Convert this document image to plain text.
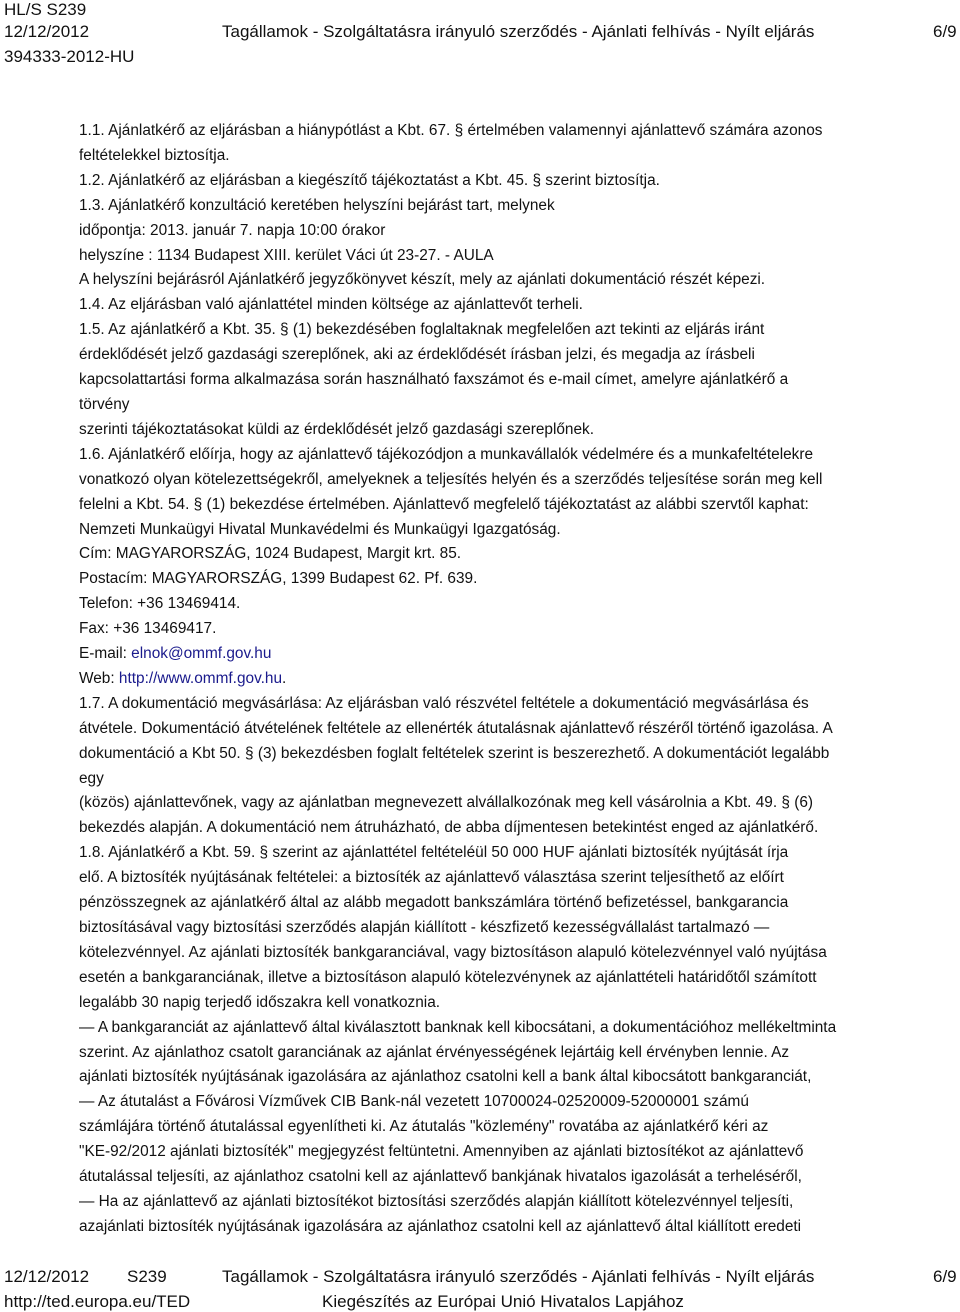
HL/S S239
12/12/2012	Tagállamok - Szolgáltatásra irányuló szerződés - Ajánlati felhívás - Nyílt eljárás	6/9
394333-2012-HU
1.1. Ajánlatkérő az eljárásban a hiánypótlást a Kbt. 67. § értelmében valamennyi ajánlattevő számára azonos
feltételekkel biztosítja.
1.2. Ajánlatkérő az eljárásban a kiegészítő tájékoztatást a Kbt. 45. § szerint biztosítja.
1.3. Ajánlatkérő konzultáció keretében helyszíni bejárást tart, melynek
időpontja: 2013. január 7. napja 10:00 órakor
helyszíne : 1134 Budapest XIII. kerület Váci út 23-27. - AULA
A helyszíni bejárásról Ajánlatkérő jegyzőkönyvet készít, mely az ajánlati dokumentáció részét képezi.
1.4. Az eljárásban való ajánlattétel minden költsége az ajánlattevőt terheli.
1.5. Az ajánlatkérő a Kbt. 35. § (1) bekezdésében foglaltaknak megfelelően azt tekinti az eljárás iránt
érdeklődését jelző gazdasági szereplőnek, aki az érdeklődését írásban jelzi, és megadja az írásbeli
kapcsolattartási forma alkalmazása során használható faxszámot és e-mail címet, amelyre ajánlatkérő a
törvény
szerinti tájékoztatásokat küldi az érdeklődését jelző gazdasági szereplőnek.
1.6. Ajánlatkérő előírja, hogy az ajánlattevő tájékozódjon a munkavállalók védelmére és a munkafeltételekre
vonatkozó olyan kötelezettségekről, amelyeknek a teljesítés helyén és a szerződés teljesítése során meg kell
felelni a Kbt. 54. § (1) bekezdése értelmében. Ajánlattevő megfelelő tájékoztatást az alábbi szervtől kaphat:
Nemzeti Munkaügyi Hivatal Munkavédelmi és Munkaügyi Igazgatóság.
Cím: MAGYARORSZÁG, 1024 Budapest, Margit krt. 85.
Postacím: MAGYARORSZÁG, 1399 Budapest 62. Pf. 639.
Telefon: +36 13469414.
Fax: +36 13469417.
E-mail: elnok@ommf.gov.hu
Web: http://www.ommf.gov.hu.
1.7. A dokumentáció megvásárlása: Az eljárásban való részvétel feltétele a dokumentáció megvásárlása és
átvétele. Dokumentáció átvételének feltétele az ellenérték átutalásnak ajánlattevő részéről történő igazolása. A
dokumentáció a Kbt 50. § (3) bekezdésben foglalt feltételek szerint is beszerezhető. A dokumentációt legalább
egy
(közös) ajánlattevőnek, vagy az ajánlatban megnevezett alvállalkozónak meg kell vásárolnia a Kbt. 49. § (6)
bekezdés alapján. A dokumentáció nem átruházható, de abba díjmentesen betekintést enged az ajánlatkérő.
1.8. Ajánlatkérő a Kbt. 59. § szerint az ajánlattétel feltételéül 50 000 HUF ajánlati biztosíték nyújtását írja
elő. A biztosíték nyújtásának feltételei: a biztosíték az ajánlattevő választása szerint teljesíthető az előírt
pénzösszegnek az ajánlatkérő által az alább megadott bankszámlára történő befizetéssel, bankgarancia
biztosításával vagy biztosítási szerződés alapján kiállított - készfizető kezességvállalást tartalmazó —
kötelezvénnyel. Az ajánlati biztosíték bankgaranciával, vagy biztosításon alapuló kötelezvénnyel való nyújtása
esetén a bankgaranciának, illetve a biztosításon alapuló kötelezvénynek az ajánlattételi határidőtől számított
legalább 30 napig terjedő időszakra kell vonatkoznia.
— A bankgaranciát az ajánlattevő által kiválasztott banknak kell kibocsátani, a dokumentációhoz mellékeltminta
szerint. Az ajánlathoz csatolt garanciának az ajánlat érvényességének lejártáig kell érvényben lennie. Az
ajánlati biztosíték nyújtásának igazolására az ajánlathoz csatolni kell a bank által kibocsátott bankgaranciát,
— Az átutalást a Fővárosi Vízművek CIB Bank-nál vezetett 10700024-02520009-52000001 számú
számlájára történő átutalással egyenlítheti ki. Az átutalás "közlemény" rovatába az ajánlatkérő kéri az
"KE-92/2012 ajánlati biztosíték" megjegyzést feltüntetni. Amennyiben az ajánlati biztosítékot az ajánlattevő
átutalással teljesíti, az ajánlathoz csatolni kell az ajánlattevő bankjának hivatalos igazolását a terheléséről,
— Ha az ajánlattevő az ajánlati biztosítékot biztosítási szerződés alapján kiállított kötelezvénnyel teljesíti,
azajánlati biztosíték nyújtásának igazolására az ajánlathoz csatolni kell az ajánlattevő által kiállított eredeti
12/12/2012 S239	Tagállamok - Szolgáltatásra irányuló szerződés - Ajánlati felhívás - Nyílt eljárás	6/9
http://ted.europa.eu/TED	Kiegészítés az Európai Unió Hivatalos Lapjához
